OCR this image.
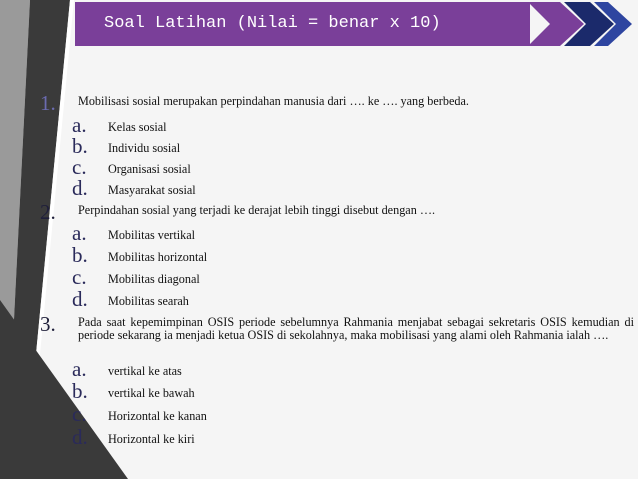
Soal Latihan (Nilai = benar x 10)
1. Mobilisasi sosial merupakan perpindahan manusia dari …. ke …. yang berbeda.
a. Kelas sosial
b. Individu sosial
c. Organisasi sosial
d. Masyarakat sosial
2. Perpindahan sosial yang terjadi ke derajat lebih tinggi disebut dengan ….
a. Mobilitas vertikal
b. Mobilitas horizontal
c. Mobilitas diagonal
d. Mobilitas searah
3. Pada saat kepemimpinan OSIS periode sebelumnya Rahmania menjabat sebagai sekretaris OSIS kemudian di periode sekarang ia menjadi ketua OSIS di sekolahnya, maka mobilisasi yang alami oleh Rahmania ialah ….
a. vertikal ke atas
b. vertikal ke bawah
c. Horizontal ke kanan
d. Horizontal ke kiri
